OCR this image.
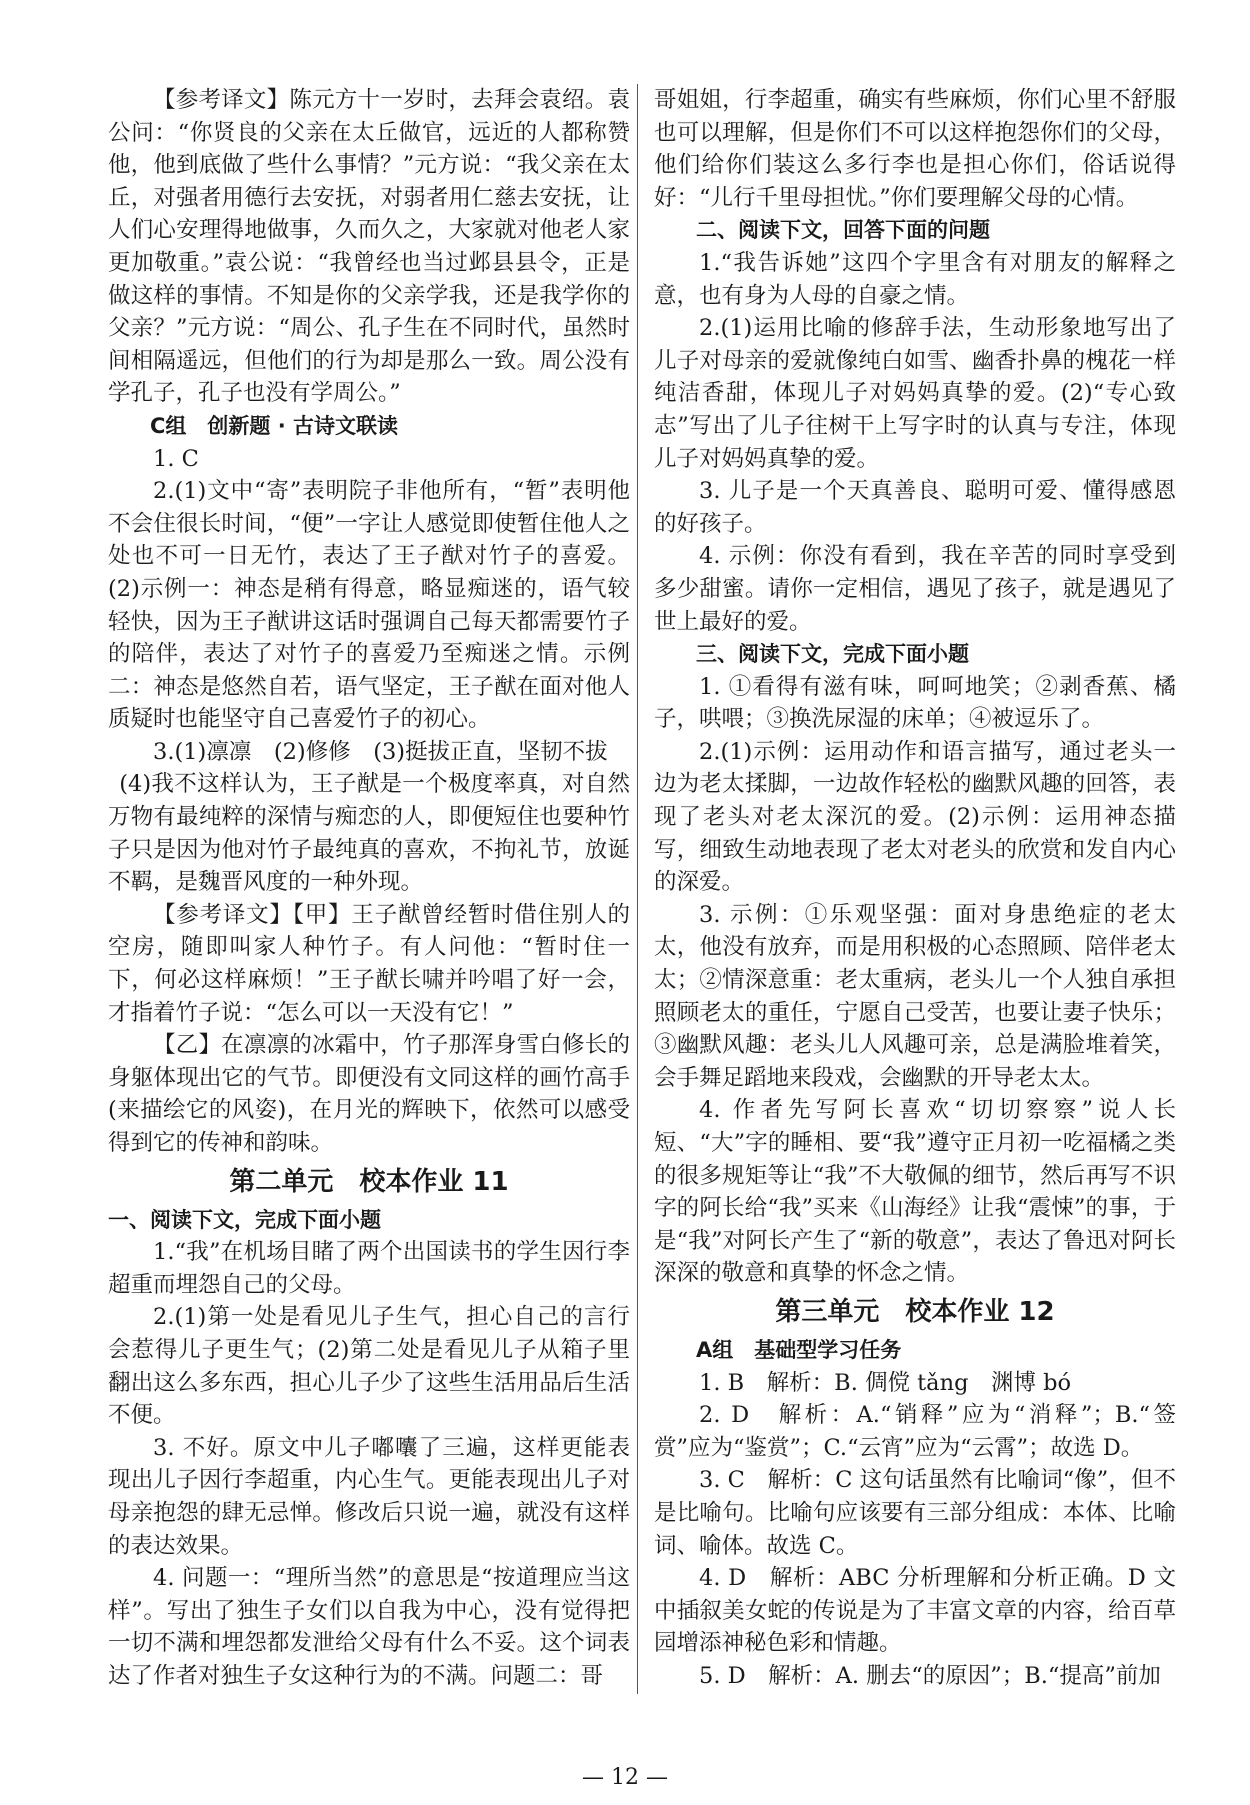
【参考译文】陈元方十一岁时，去拜会袁绍。袁公问：“你贤良的父亲在太丘做官，远近的人都称赞他，他到底做了些什么事情？”元方说：“我父亲在太丘，对强者用德行去安抚，对弱者用仁慈去安抚，让人们心安理得地做事，久而久之，大家就对他老人家更加敬重。”袁公说：“我曾经也当过邺县县令，正是做这样的事情。不知是你的父亲学我，还是我学你的父亲？”元方说：“周公、孔子生在不同时代，虽然时间相隔遥远，但他们的行为却是那么一致。周公没有学孔子，孔子也没有学周公。”

C组　创新题 · 古诗文联读

1. C

2.(1)文中“寄”表明院子非他所有，“暂”表明他不会住很长时间，“便”一字让人感觉即使暂住他人之处也不可一日无竹，表达了王子猷对竹子的喜爱。(2)示例一：神态是稍有得意，略显痴迷的，语气较轻快，因为王子猷讲这话时强调自己每天都需要竹子的陪伴，表达了对竹子的喜爱乃至痴迷之情。示例二：神态是悠然自若，语气坚定，王子猷在面对他人质疑时也能坚守自己喜爱竹子的初心。

3.(1)凛凛　(2)修修　(3)挺拔正直，坚韧不拔

(4)我不这样认为，王子猷是一个极度率真，对自然万物有最纯粹的深情与痴恋的人，即便短住也要种竹子只是因为他对竹子最纯真的喜欢，不拘礼节，放诞不羁，是魏晋风度的一种外现。

【参考译文】【甲】王子猷曾经暂时借住别人的空房，随即叫家人种竹子。有人问他：“暂时住一下，何必这样麻烦！”王子猷长啸并吟唱了好一会，才指着竹子说：“怎么可以一天没有它！”

【乙】在凛凛的冰霜中，竹子那浑身雪白修长的身躯体现出它的气节。即便没有文同这样的画竹高手(来描绘它的风姿)，在月光的辉映下，依然可以感受得到它的传神和韵味。

第二单元　校本作业 11

一、阅读下文，完成下面小题

1.“我”在机场目睹了两个出国读书的学生因行李超重而埋怨自己的父母。

2.(1)第一处是看见儿子生气，担心自己的言行会惹得儿子更生气；(2)第二处是看见儿子从箱子里翻出这么多东西，担心儿子少了这些生活用品后生活不便。

3. 不好。原文中儿子嘟囔了三遍，这样更能表现出儿子因行李超重，内心生气。更能表现出儿子对母亲抱怨的肆无忌惮。修改后只说一遍，就没有这样的表达效果。

4. 问题一：“理所当然”的意思是“按道理应当这样”。写出了独生子女们以自我为中心，没有觉得把一切不满和埋怨都发泄给父母有什么不妥。这个词表达了作者对独生子女这种行为的不满。问题二：哥

哥姐姐，行李超重，确实有些麻烦，你们心里不舒服也可以理解，但是你们不可以这样抱怨你们的父母，他们给你们装这么多行李也是担心你们，俗话说得好：“儿行千里母担忧。”你们要理解父母的心情。

二、阅读下文，回答下面的问题

1.“我告诉她”这四个字里含有对朋友的解释之意，也有身为人母的自豪之情。

2.(1)运用比喻的修辞手法，生动形象地写出了儿子对母亲的爱就像纯白如雪、幽香扑鼻的槐花一样纯洁香甜，体现儿子对妈妈真挚的爱。(2)“专心致志”写出了儿子往树干上写字时的认真与专注，体现儿子对妈妈真挚的爱。

3. 儿子是一个天真善良、聪明可爱、懂得感恩的好孩子。

4. 示例：你没有看到，我在辛苦的同时享受到多少甜蜜。请你一定相信，遇见了孩子，就是遇见了世上最好的爱。

三、阅读下文，完成下面小题

1. ①看得有滋有味，呵呵地笑；②剥香蕉、橘子，哄喂；③换洗尿湿的床单；④被逗乐了。

2.(1)示例：运用动作和语言描写，通过老头一边为老太揉脚，一边故作轻松的幽默风趣的回答，表现了老头对老太深沉的爱。(2)示例：运用神态描写，细致生动地表现了老太对老头的欣赏和发自内心的深爱。

3. 示例：①乐观坚强：面对身患绝症的老太太，他没有放弃，而是用积极的心态照顾、陪伴老太太；②情深意重：老太重病，老头儿一个人独自承担照顾老太的重任，宁愿自己受苦，也要让妻子快乐；③幽默风趣：老头儿人风趣可亲，总是满脸堆着笑，会手舞足蹈地来段戏，会幽默的开导老太太。

4. 作者先写阿长喜欢“切切察察”说人长短、“大”字的睡相、要“我”遵守正月初一吃福橘之类的很多规矩等让“我”不大敬佩的细节，然后再写不识字的阿长给“我”买来《山海经》让我“震悚”的事，于是“我”对阿长产生了“新的敬意”，表达了鲁迅对阿长深深的敬意和真挚的怀念之情。

第三单元　校本作业 12

A组　基础型学习任务

1. B　解析：B. 倜傥 tǎng　渊博 bó

2. D　解析：A.“销释”应为“消释”；B.“签赏”应为“鉴赏”；C.“云宵”应为“云霄”；故选 D。

3. C　解析：C 这句话虽然有比喻词“像”，但不是比喻句。比喻句应该要有三部分组成：本体、比喻词、喻体。故选 C。

4. D　解析：ABC 分析理解和分析正确。D 文中插叙美女蛇的传说是为了丰富文章的内容，给百草园增添神秘色彩和情趣。

5. D　解析：A. 删去“的原因”；B.“提高”前加

— 12 —
